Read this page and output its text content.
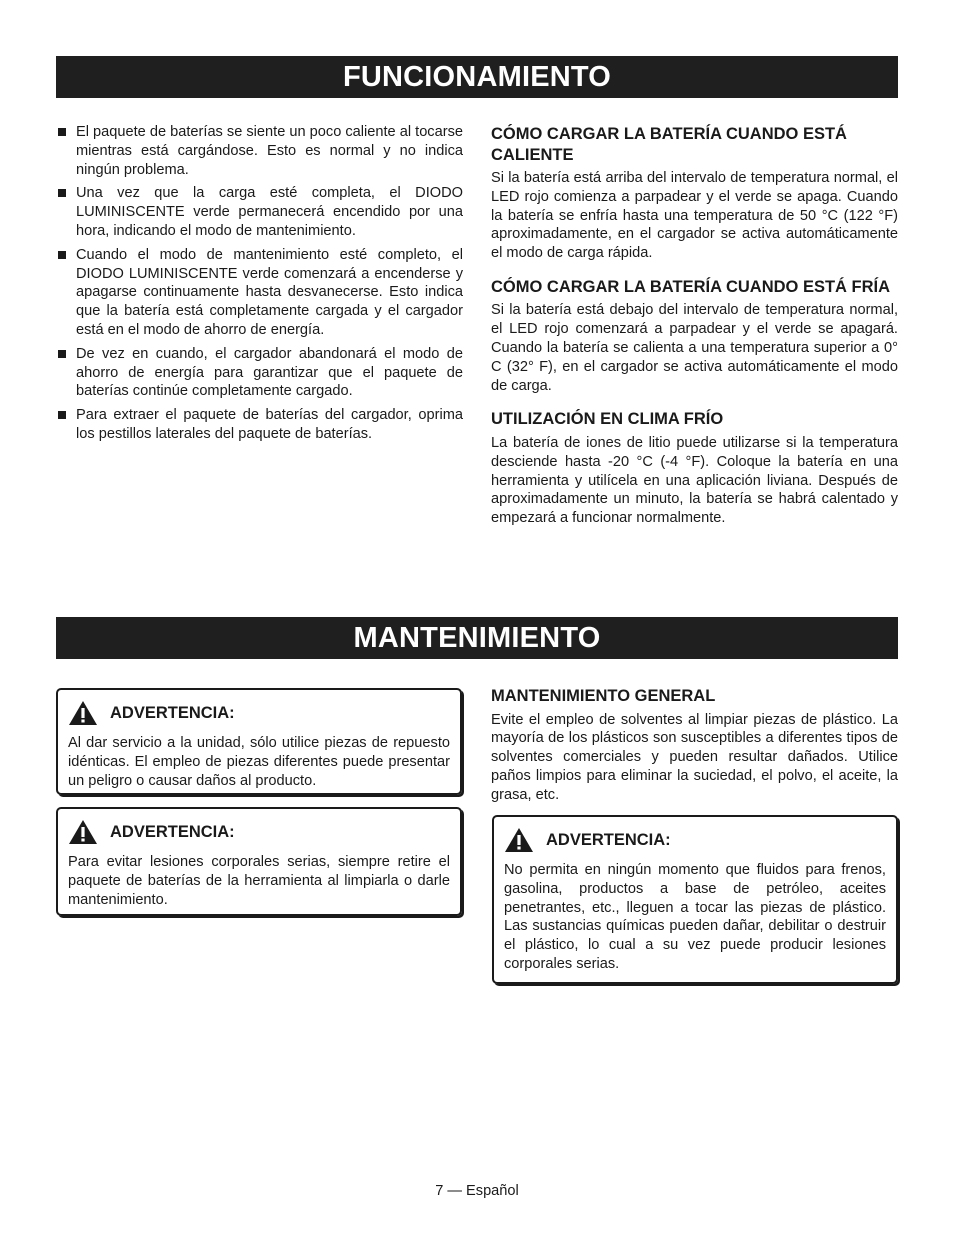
FUNCIONAMIENTO
El paquete de baterías se siente un poco caliente al tocarse mientras está cargándose. Esto es normal y no indica ningún problema.
Una vez que la carga esté completa, el DIODO LUMINISCENTE verde permanecerá encendido por una hora, indicando el modo de mantenimiento.
Cuando el modo de mantenimiento esté completo, el DIODO LUMINISCENTE verde comenzará a encenderse y apagarse continuamente hasta desvanecerse. Esto indica que la batería está completamente cargada y el cargador está en el modo de ahorro de energía.
De vez en cuando, el cargador abandonará el modo de ahorro de energía para garantizar que el paquete de baterías continúe completamente cargado.
Para extraer el paquete de baterías del cargador, oprima los pestillos laterales del paquete de baterías.
CÓMO CARGAR LA BATERÍA CUANDO ESTÁ CALIENTE

Si la batería está arriba del intervalo de temperatura normal, el LED rojo comienza a parpadear y el verde se apaga. Cuando la batería se enfría hasta una temperatura de 50 °C (122 °F) aproximadamente, en el cargador se activa automáticamente el modo de carga rápida.

CÓMO CARGAR LA BATERÍA CUANDO ESTÁ FRÍA

Si la batería está debajo del intervalo de temperatura normal, el LED rojo comenzará a parpadear y el verde se apagará. Cuando la batería se calienta a una temperatura superior a 0° C (32° F), en el cargador se activa automáticamente el modo de carga.

UTILIZACIÓN EN CLIMA FRÍO

La batería de iones de litio puede utilizarse si la temperatura desciende hasta -20 °C (-4 °F). Coloque la batería en una herramienta y utilícela en una aplicación liviana. Después de aproximadamente un minuto, la batería se habrá calentado y empezará a funcionar normalmente.

MANTENIMIENTO
ADVERTENCIA:
Al dar servicio a la unidad, sólo utilice piezas de repuesto idénticas. El empleo de piezas diferentes puede presentar un peligro o causar daños al producto.
ADVERTENCIA:
Para evitar lesiones corporales serias, siempre retire el paquete de baterías de la herramienta al limpiarla o darle mantenimiento.
MANTENIMIENTO GENERAL

Evite el empleo de solventes al limpiar piezas de plástico. La mayoría de los plásticos son susceptibles a diferentes tipos de solventes comerciales y pueden resultar dañados. Utilice paños limpios para eliminar la suciedad, el polvo, el aceite, la grasa, etc.

ADVERTENCIA:
No permita en ningún momento que fluidos para frenos, gasolina, productos a base de petróleo, aceites penetrantes, etc., lleguen a tocar las piezas de plástico. Las sustancias químicas pueden dañar, debilitar o destruir el plástico, lo cual a su vez puede producir lesiones corporales serias.
7 — Español
